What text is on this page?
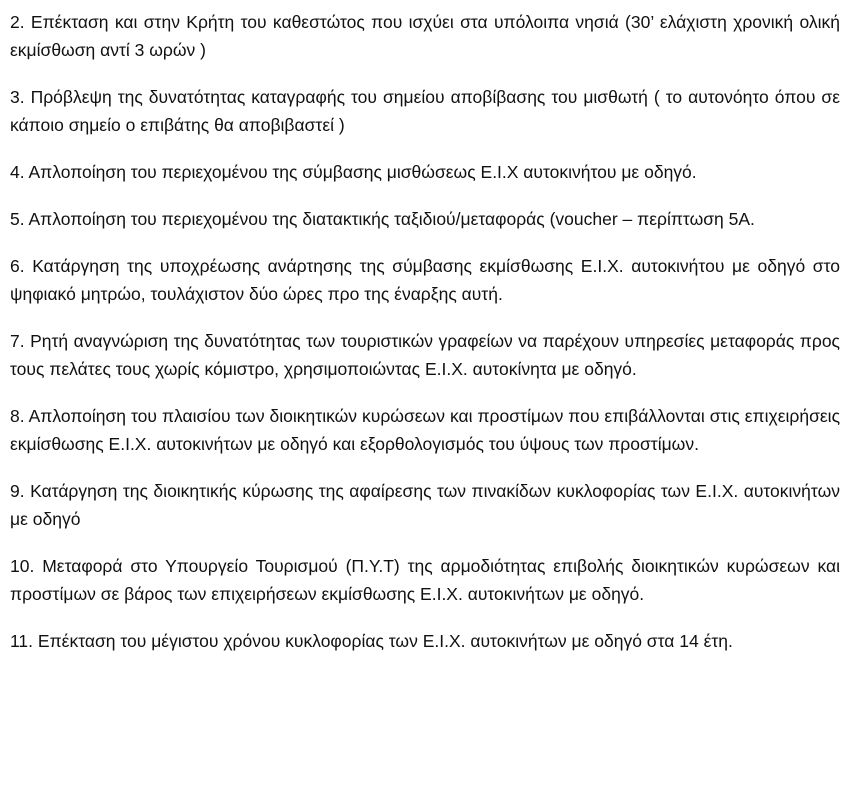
2. Επέκταση και στην Κρήτη του καθεστώτος που ισχύει στα υπόλοιπα νησιά (30’ ελάχιστη χρονική ολική εκμίσθωση αντί 3 ωρών )

3. Πρόβλεψη της δυνατότητας καταγραφής του σημείου αποβίβασης του μισθωτή ( το αυτονόητο όπου σε κάποιο σημείο ο επιβάτης θα αποβιβαστεί )

4. Απλοποίηση του περιεχομένου της σύμβασης μισθώσεως Ε.Ι.Χ αυτοκινήτου με οδηγό.

5. Απλοποίηση του περιεχομένου της διατακτικής ταξιδιού/μεταφοράς (voucher – περίπτωση 5Α.

6. Κατάργηση της υποχρέωσης ανάρτησης της σύμβασης εκμίσθωσης Ε.Ι.Χ. αυτοκινήτου με οδηγό στο ψηφιακό μητρώο, τουλάχιστον δύο ώρες προ της έναρξης αυτή.

7. Ρητή αναγνώριση της δυνατότητας των τουριστικών γραφείων να παρέχουν υπηρεσίες μεταφοράς προς τους πελάτες τους χωρίς κόμιστρο, χρησιμοποιώντας Ε.Ι.Χ. αυτοκίνητα με οδηγό.

8. Απλοποίηση του πλαισίου των διοικητικών κυρώσεων και προστίμων που επιβάλλονται στις επιχειρήσεις εκμίσθωσης Ε.Ι.Χ. αυτοκινήτων με οδηγό και εξορθολογισμός του ύψους των προστίμων.

9. Κατάργηση της διοικητικής κύρωσης της αφαίρεσης των πινακίδων κυκλοφορίας των Ε.Ι.Χ. αυτοκινήτων με οδηγό

10. Μεταφορά στο Υπουργείο Τουρισμού (Π.Υ.Τ) της αρμοδιότητας επιβολής διοικητικών κυρώσεων και προστίμων σε βάρος των επιχειρήσεων εκμίσθωσης Ε.Ι.Χ. αυτοκινήτων με οδηγό.

11. Επέκταση του μέγιστου χρόνου κυκλοφορίας των Ε.Ι.Χ. αυτοκινήτων με οδηγό στα 14 έτη.
